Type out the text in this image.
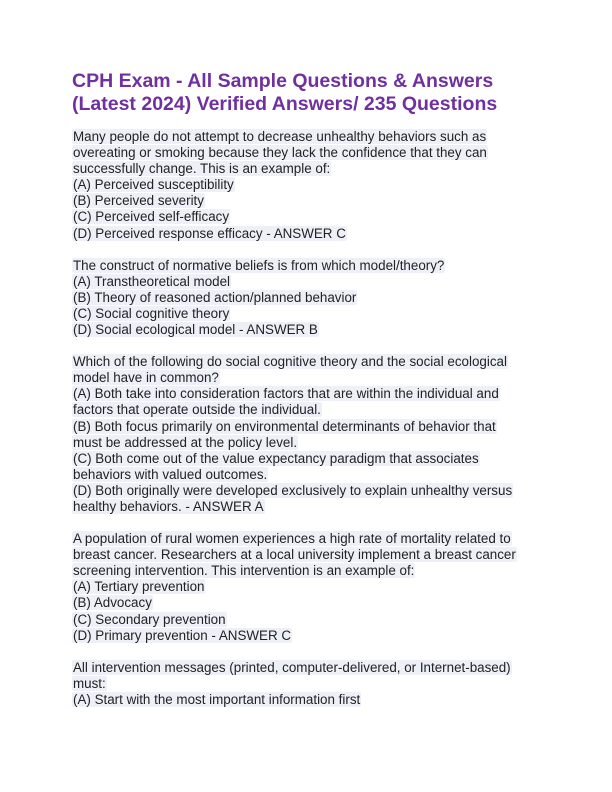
CPH Exam - All Sample Questions & Answers
(Latest 2024) Verified Answers/ 235 Questions
Many people do not attempt to decrease unhealthy behaviors such as
overeating or smoking because they lack the confidence that they can
successfully change. This is an example of:
(A) Perceived susceptibility
(B) Perceived severity
(C) Perceived self-efficacy
(D) Perceived response efficacy - ANSWER C
The construct of normative beliefs is from which model/theory?
(A) Transtheoretical model
(B) Theory of reasoned action/planned behavior
(C) Social cognitive theory
(D) Social ecological model - ANSWER B
Which of the following do social cognitive theory and the social ecological
model have in common?
(A) Both take into consideration factors that are within the individual and
factors that operate outside the individual.
(B) Both focus primarily on environmental determinants of behavior that
must be addressed at the policy level.
(C) Both come out of the value expectancy paradigm that associates
behaviors with valued outcomes.
(D) Both originally were developed exclusively to explain unhealthy versus
healthy behaviors. - ANSWER A
A population of rural women experiences a high rate of mortality related to
breast cancer. Researchers at a local university implement a breast cancer
screening intervention. This intervention is an example of:
(A) Tertiary prevention
(B) Advocacy
(C) Secondary prevention
(D) Primary prevention - ANSWER C
All intervention messages (printed, computer-delivered, or Internet-based)
must:
(A) Start with the most important information first
